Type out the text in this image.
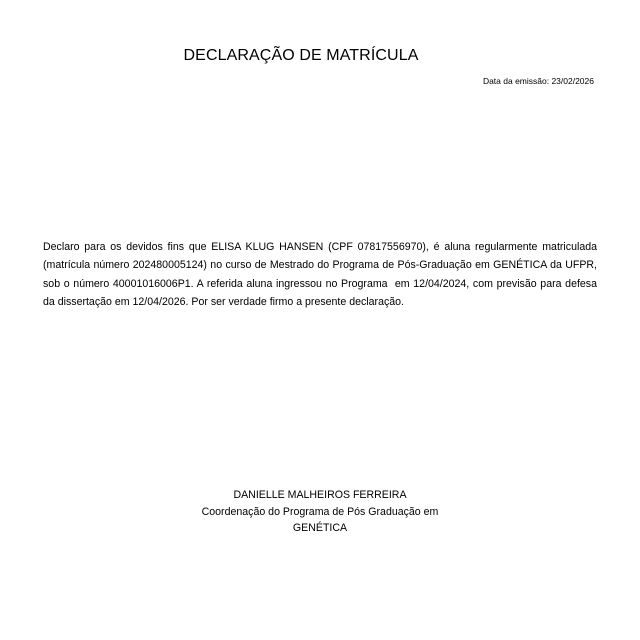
DECLARAÇÃO DE MATRÍCULA
Data da emissão: 23/02/2026
Declaro para os devidos fins que ELISA KLUG HANSEN (CPF 07817556970), é aluna regularmente matriculada (matrícula número 202480005124) no curso de Mestrado do Programa de Pós-Graduação em GENÉTICA da UFPR, sob o número 40001016006P1. A referida aluna ingressou no Programa  em 12/04/2024, com previsão para defesa da dissertação em 12/04/2026. Por ser verdade firmo a presente declaração.
DANIELLE MALHEIROS FERREIRA
Coordenação do Programa de Pós Graduação em
GENÉTICA
